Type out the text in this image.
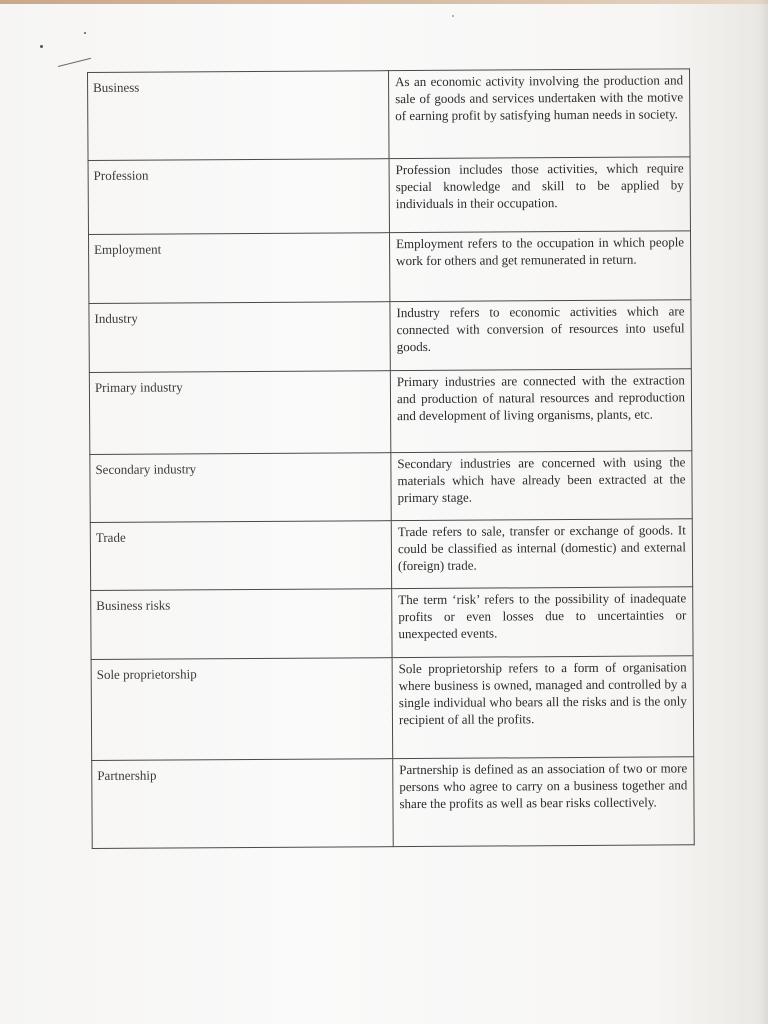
Business	As an economic activity involving the production and sale of goods and services undertaken with the motive of earning profit by satisfying human needs in society.

Profession	Profession includes those activities, which require special knowledge and skill to be applied by individuals in their occupation.

Employment	Employment refers to the occupation in which people work for others and get remunerated in return.

Industry	Industry refers to economic activities which are connected with conversion of resources into useful goods.

Primary industry	Primary industries are connected with the extraction and production of natural resources and reproduction and development of living organisms, plants, etc.

Secondary industry	Secondary industries are concerned with using the materials which have already been extracted at the primary stage.

Trade	Trade refers to sale, transfer or exchange of goods. It could be classified as internal (domestic) and external (foreign) trade.

Business risks	The term ‘risk’ refers to the possibility of inadequate profits or even losses due to uncertainties or unexpected events.

Sole proprietorship	Sole proprietorship refers to a form of organisation where business is owned, managed and controlled by a single individual who bears all the risks and is the only recipient of all the profits.

Partnership	Partnership is defined as an association of two or more persons who agree to carry on a business together and share the profits as well as bear risks collectively.
